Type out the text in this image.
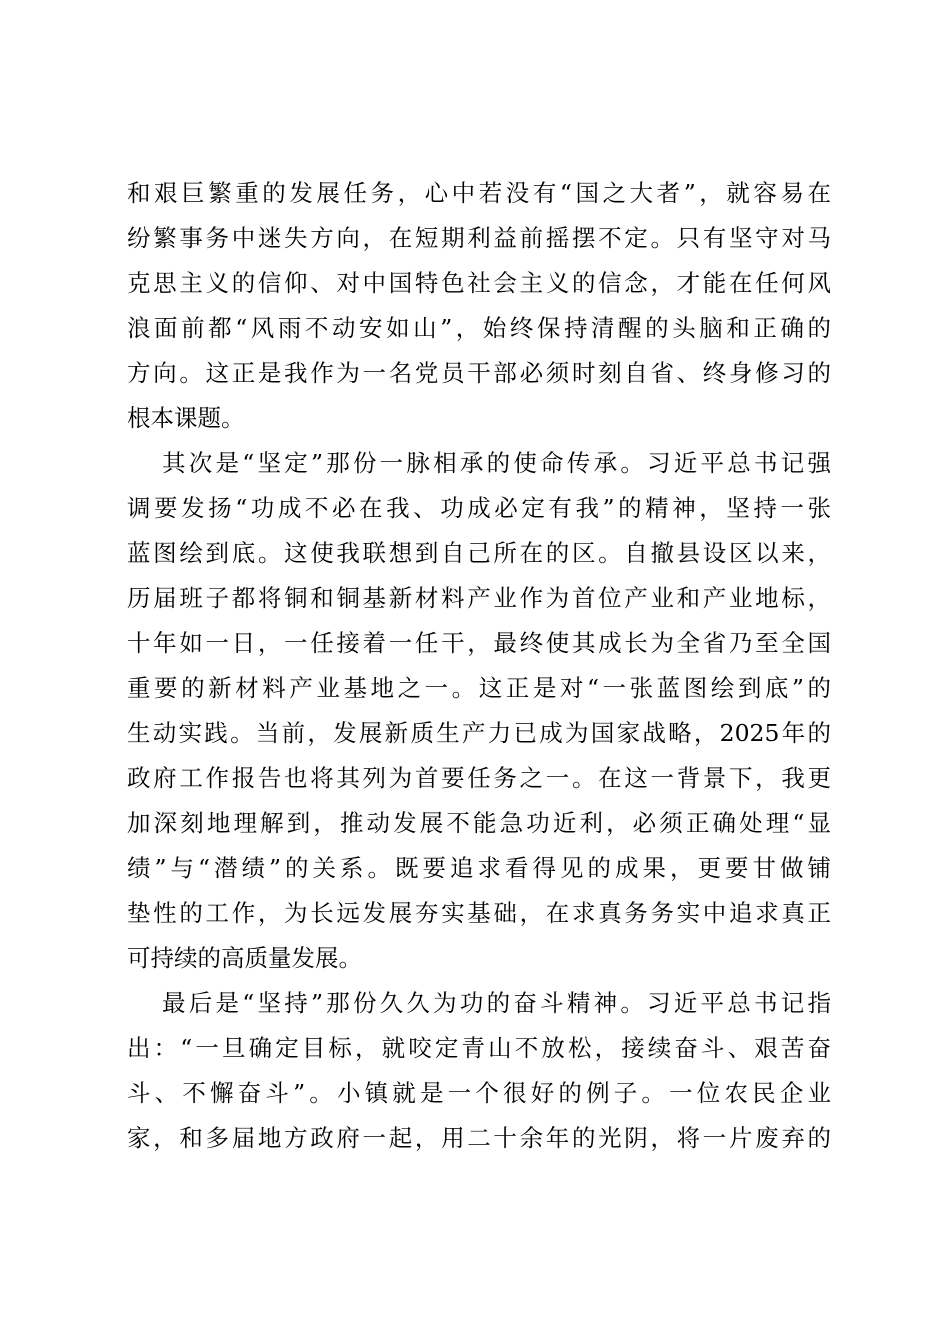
和艰巨繁重的发展任务，心中若没有“国之大者”，就容易在
纷繁事务中迷失方向，在短期利益前摇摆不定。只有坚守对马
克思主义的信仰、对中国特色社会主义的信念，才能在任何风
浪面前都“风雨不动安如山”，始终保持清醒的头脑和正确的
方向。这正是我作为一名党员干部必须时刻自省、终身修习的
根本课题。
其次是“坚定”那份一脉相承的使命传承。习近平总书记强
调要发扬“功成不必在我、功成必定有我”的精神，坚持一张
蓝图绘到底。这使我联想到自己所在的区。自撤县设区以来，
历届班子都将铜和铜基新材料产业作为首位产业和产业地标，
十年如一日，一任接着一任干，最终使其成长为全省乃至全国
重要的新材料产业基地之一。这正是对“一张蓝图绘到底”的
生动实践。当前，发展新质生产力已成为国家战略，2025年的
政府工作报告也将其列为首要任务之一。在这一背景下，我更
加深刻地理解到，推动发展不能急功近利，必须正确处理“显
绩”与“潜绩”的关系。既要追求看得见的成果，更要甘做铺
垫性的工作，为长远发展夯实基础，在求真务务实中追求真正
可持续的高质量发展。
最后是“坚持”那份久久为功的奋斗精神。习近平总书记指
出：“一旦确定目标，就咬定青山不放松，接续奋斗、艰苦奋
斗、不懈奋斗”。小镇就是一个很好的例子。一位农民企业
家，和多届地方政府一起，用二十余年的光阴，将一片废弃的
